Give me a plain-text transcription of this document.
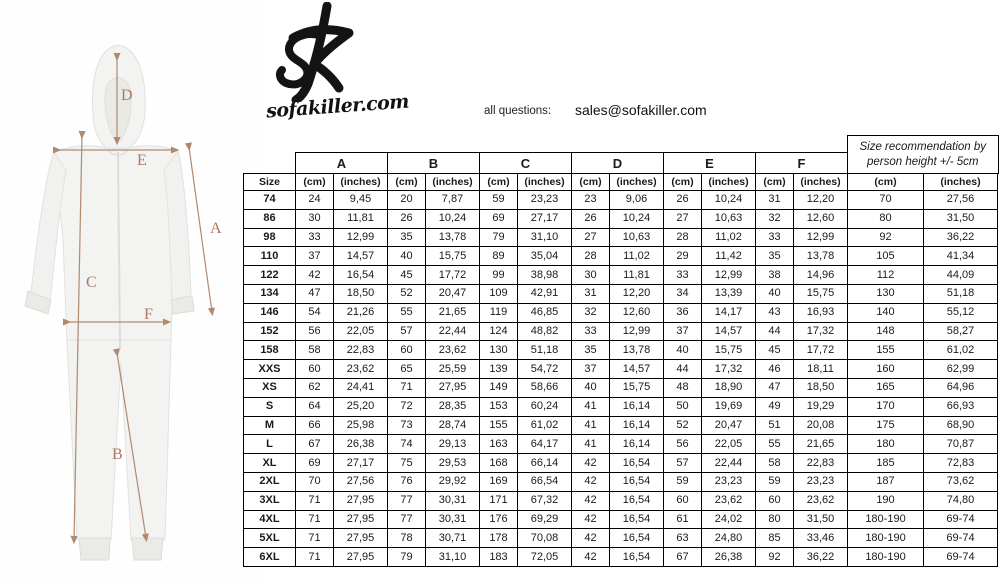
D
E
A
C
F
B
sofakiller.com	all questions: sales@sofakiller.com
	A		B		C		D		E		F		Size recommendation by person height +/- 5cm	

Size	(cm)	(inches)	(cm)	(inches)	(cm)	(inches)	(cm)	(inches)	(cm)	(inches)	(cm)	(inches)	(cm)	(inches)
74	24	9,45	20	7,87	59	23,23	23	9,06	26	10,24	31	12,20	70	27,56
86	30	11,81	26	10,24	69	27,17	26	10,24	27	10,63	32	12,60	80	31,50
98	33	12,99	35	13,78	79	31,10	27	10,63	28	11,02	33	12,99	92	36,22
110	37	14,57	40	15,75	89	35,04	28	11,02	29	11,42	35	13,78	105	41,34
122	42	16,54	45	17,72	99	38,98	30	11,81	33	12,99	38	14,96	112	44,09
134	47	18,50	52	20,47	109	42,91	31	12,20	34	13,39	40	15,75	130	51,18
146	54	21,26	55	21,65	119	46,85	32	12,60	36	14,17	43	16,93	140	55,12
152	56	22,05	57	22,44	124	48,82	33	12,99	37	14,57	44	17,32	148	58,27
158	58	22,83	60	23,62	130	51,18	35	13,78	40	15,75	45	17,72	155	61,02
XXS	60	23,62	65	25,59	139	54,72	37	14,57	44	17,32	46	18,11	160	62,99
XS	62	24,41	71	27,95	149	58,66	40	15,75	48	18,90	47	18,50	165	64,96
S	64	25,20	72	28,35	153	60,24	41	16,14	50	19,69	49	19,29	170	66,93
M	66	25,98	73	28,74	155	61,02	41	16,14	52	20,47	51	20,08	175	68,90
L	67	26,38	74	29,13	163	64,17	41	16,14	56	22,05	55	21,65	180	70,87
XL	69	27,17	75	29,53	168	66,14	42	16,54	57	22,44	58	22,83	185	72,83
2XL	70	27,56	76	29,92	169	66,54	42	16,54	59	23,23	59	23,23	187	73,62
3XL	71	27,95	77	30,31	171	67,32	42	16,54	60	23,62	60	23,62	190	74,80
4XL	71	27,95	77	30,31	176	69,29	42	16,54	61	24,02	80	31,50	180-190	69-74
5XL	71	27,95	78	30,71	178	70,08	42	16,54	63	24,80	85	33,46	180-190	69-74
6XL	71	27,95	79	31,10	183	72,05	42	16,54	67	26,38	92	36,22	180-190	69-74
